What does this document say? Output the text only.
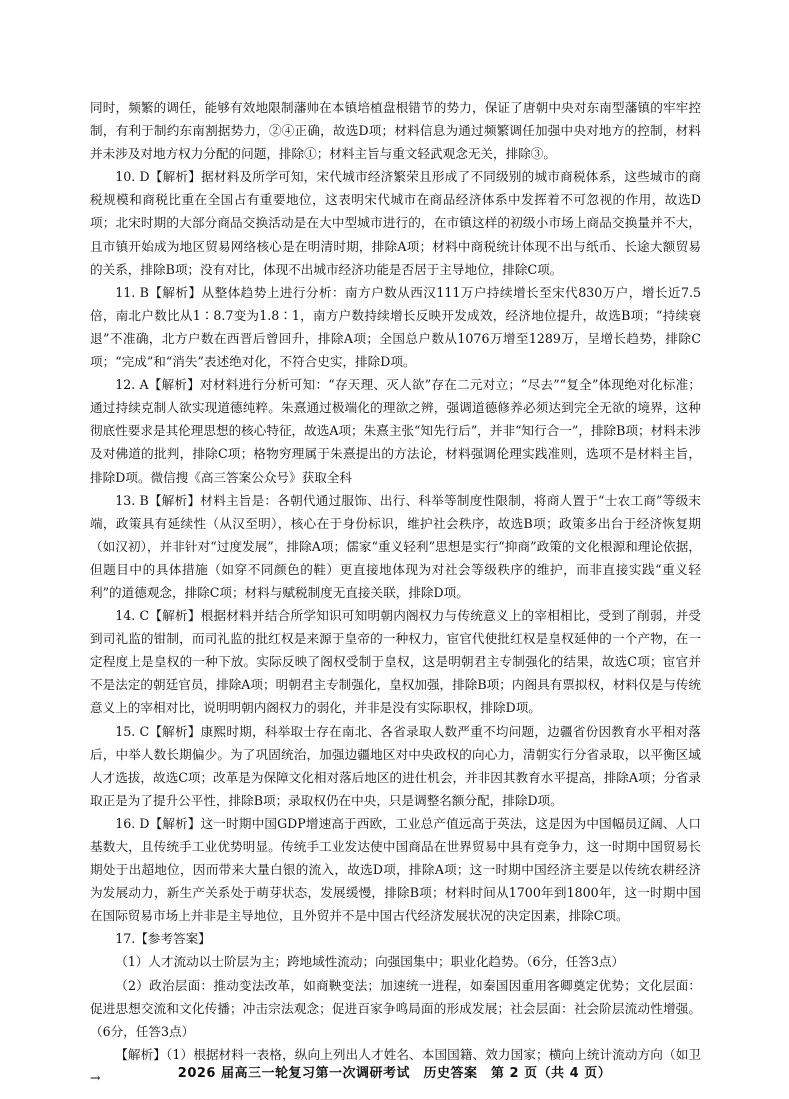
同时，频繁的调任，能够有效地限制藩帅在本镇培植盘根错节的势力，保证了唐朝中央对东南型藩镇的牢牢控制，有利于制约东南割据势力，②④正确，故选D项；材料信息为通过频繁调任加强中央对地方的控制，材料并未涉及对地方权力分配的问题，排除①；材料主旨与重文轻武观念无关，排除③。

10. D【解析】据材料及所学可知，宋代城市经济繁荣且形成了不同级别的城市商税体系，这些城市的商税规模和商税比重在全国占有重要地位，这表明宋代城市在商品经济体系中发挥着不可忽视的作用，故选D项；北宋时期的大部分商品交换活动是在大中型城市进行的，在市镇这样的初级小市场上商品交换量并不大，且市镇开始成为地区贸易网络核心是在明清时期，排除A项；材料中商税统计体现不出与纸币、长途大额贸易的关系，排除B项；没有对比，体现不出城市经济功能是否居于主导地位，排除C项。

11. B【解析】从整体趋势上进行分析：南方户数从西汉111万户持续增长至宋代830万户，增长近7.5倍，南北户数比从1∶8.7变为1.8∶1，南方户数持续增长反映开发成效，经济地位提升，故选B项；“持续衰退”不准确，北方户数在西晋后曾回升，排除A项；全国总户数从1076万增至1289万，呈增长趋势，排除C项；“完成”和“消失”表述绝对化，不符合史实，排除D项。

12. A【解析】对材料进行分析可知：“存天理、灭人欲”存在二元对立；“尽去”“复全”体现绝对化标准；通过持续克制人欲实现道德纯粹。朱熹通过极端化的理欲之辨，强调道德修养必须达到完全无欲的境界，这种彻底性要求是其伦理思想的核心特征，故选A项；朱熹主张“知先行后”，并非“知行合一”，排除B项；材料未涉及对佛道的批判，排除C项；格物穷理属于朱熹提出的方法论，材料强调伦理实践准则，选项不是材料主旨，排除D项。微信搜《高三答案公众号》获取全科

13. B【解析】材料主旨是：各朝代通过服饰、出行、科举等制度性限制，将商人置于“士农工商”等级末端，政策具有延续性（从汉至明），核心在于身份标识，维护社会秩序，故选B项；政策多出台于经济恢复期（如汉初），并非针对“过度发展”，排除A项；儒家“重义轻利”思想是实行“抑商”政策的文化根源和理论依据，但题目中的具体措施（如穿不同颜色的鞋）更直接地体现为对社会等级秩序的维护，而非直接实践“重义轻利”的道德观念，排除C项；材料与赋税制度无直接关联，排除D项。

14. C【解析】根据材料并结合所学知识可知明朝内阁权力与传统意义上的宰相相比，受到了削弱，并受到司礼监的钳制，而司礼监的批红权是来源于皇帝的一种权力，宦官代使批红权是皇权延伸的一个产物，在一定程度上是皇权的一种下放。实际反映了阁权受制于皇权，这是明朝君主专制强化的结果，故选C项；宦官并不是法定的朝廷官员，排除A项；明朝君主专制强化，皇权加强，排除B项；内阁具有票拟权，材料仅是与传统意义上的宰相对比，说明明朝内阁权力的弱化，并非是没有实际职权，排除D项。

15. C【解析】康熙时期，科举取士存在南北、各省录取人数严重不均问题，边疆省份因教育水平相对落后，中举人数长期偏少。为了巩固统治，加强边疆地区对中央政权的向心力，清朝实行分省录取，以平衡区域人才选拔，故选C项；改革是为保障文化相对落后地区的进仕机会，并非因其教育水平提高，排除A项；分省录取正是为了提升公平性，排除B项；录取权仍在中央，只是调整名额分配，排除D项。

16. D【解析】这一时期中国GDP增速高于西欧，工业总产值远高于英法，这是因为中国幅员辽阔、人口基数大，且传统手工业优势明显。传统手工业发达使中国商品在世界贸易中具有竞争力，这一时期中国贸易长期处于出超地位，因而带来大量白银的流入，故选D项，排除A项；这一时期中国经济主要是以传统农耕经济为发展动力，新生产关系处于萌芽状态，发展缓慢，排除B项；材料时间从1700年到1800年，这一时期中国在国际贸易市场上并非是主导地位，且外贸并不是中国古代经济发展状况的决定因素，排除C项。

17.【参考答案】

（1）人才流动以士阶层为主；跨地域性流动；向强国集中；职业化趋势。（6分，任答3点）

（2）政治层面：推动变法改革，如商鞅变法；加速统一进程，如秦国因重用客卿奠定优势；文化层面：促进思想交流和文化传播；冲击宗法观念；促进百家争鸣局面的形成发展；社会层面：社会阶层流动性增强。（6分，任答3点）

【解析】（1）根据材料一表格，纵向上列出人才姓名、本国国籍、效力国家；横向上统计流动方向（如卫→	2026 届高三一轮复习第一次调研考试　历史答案　第 2 页（共 4 页）
